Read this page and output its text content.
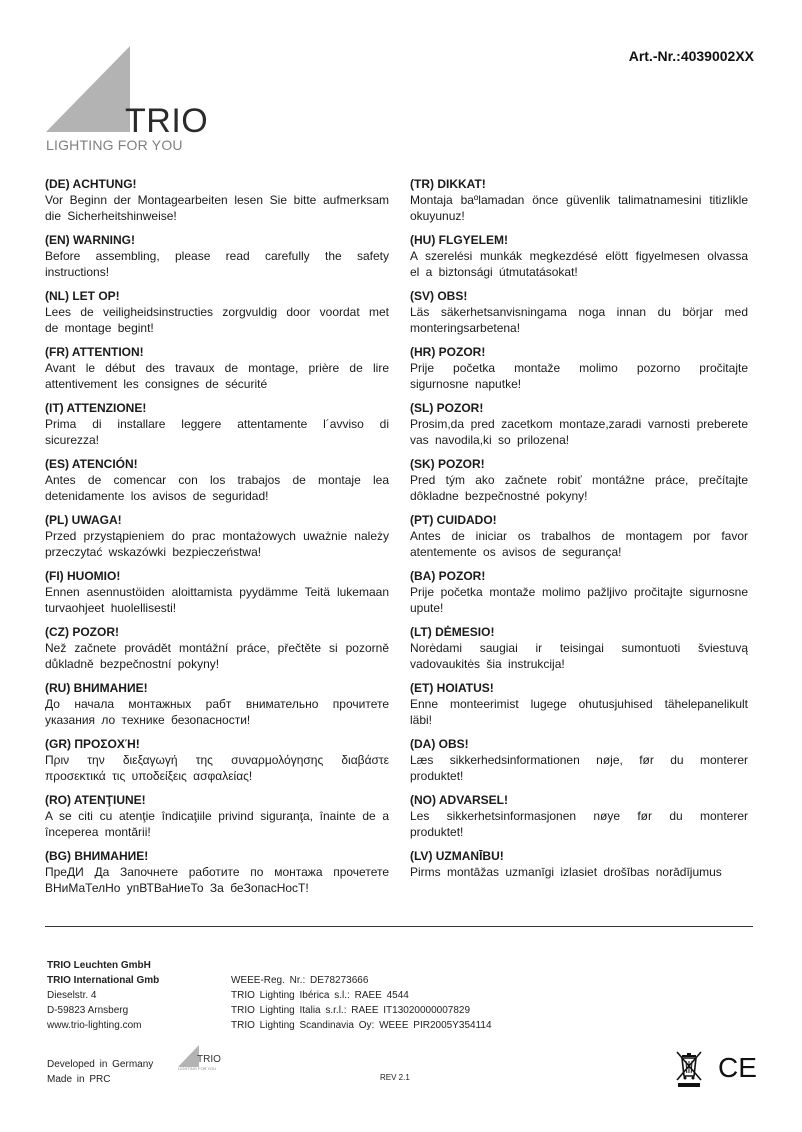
Art.-Nr.:4039002XX
TRIO
LIGHTING FOR YOU
(DE) ACHTUNG!
Vor Beginn der Montagearbeiten lesen Sie bitte aufmerksam die Sicherheitshinweise!
(EN) WARNING!
Before assembling, please read carefully the safety instructions!
(NL) LET OP!
Lees de veiligheidsinstructies zorgvuldig door voordat met de montage begint!
(FR) ATTENTION!
Avant le début des travaux de montage, prière de lire attentivement les consignes de sécurité
(IT) ATTENZIONE!
Prima di installare leggere attentamente l´avviso di sicurezza!
(ES) ATENCIÓN!
Antes de comencar con los trabajos de montaje lea detenidamente los avisos de seguridad!
(PL) UWAGA!
Przed przystąpieniem do prac montażowych uważnie należy przeczytać wskazówki bezpieczeństwa!
(FI) HUOMIO!
Ennen asennustöiden aloittamista pyydämme Teitä lukemaan turvaohjeet huolellisesti!
(CZ) POZOR!
Než začnete provádět montážní práce, přečtěte si pozorně důkladně bezpečnostní pokyny!
(RU) ВНИМАНИЕ!
До начала монтажных рабт внимательно прочитете указания ло технике безопасности!
(GR) ΠΡΟΣΟΧΉ!
Πριν την διεξαγωγή της συναρμολόγησης διαβάστε προσεκτικά τις υποδείξεις ασφαλείας!
(RO) ATENŢIUNE!
A se citi cu atenţie îndicaţiile privind siguranţa, înainte de a începerea montării!
(BG) ВНИМАНИЕ!
ПреДИ Да Започнете работите по монтажа прочетете ВНиМаТелНо упВТВаНиеТо За беЗопасНосТ!
(TR) DIKKAT!
Montaja baºlamadan önce güvenlik talimatnamesini titizlikle okuyunuz!
(HU) FLGYELEM!
A szerelési munkák megkezdésé elött figyelmesen olvassa el a biztonsági útmutatásokat!
(SV) OBS!
Läs säkerhetsanvisningama noga innan du börjar med monteringsarbetena!
(HR) POZOR!
Prije početka montaže molimo pozorno pročitajte sigurnosne naputke!
(SL) POZOR!
Prosim,da pred zacetkom montaze,zaradi varnosti preberete vas navodila,ki so prilozena!
(SK) POZOR!
Pred tým ako začnete robiť montážne práce, prečítajte dôkladne bezpečnostné pokyny!
(PT) CUIDADO!
Antes de iniciar os trabalhos de montagem por favor atentemente os avisos de segurança!
(BA) POZOR!
Prije početka montaže molimo pažljivo pročitajte sigurnosne upute!
(LT) DĖMESIO!
Norėdami saugiai ir teisingai sumontuoti šviestuvą vadovaukitės šia instrukcija!
(ET) HOIATUS!
Enne monteerimist lugege ohutusjuhised tähelepanelikult läbi!
(DA) OBS!
Læs sikkerhedsinformationen nøje, før du monterer produktet!
(NO) ADVARSEL!
Les sikkerhetsinformasjonen nøye før du monterer produktet!
(LV) UZMANĪBU!
Pirms montāžas uzmanīgi izlasiet drošības norādījumus
TRIO Leuchten GmbH
TRIO International Gmb
Dieselstr. 4
D-59823 Arnsberg
www.trio-lighting.com
WEEE-Reg. Nr.: DE78273666
TRIO Lighting Ibérica s.l.: RAEE 4544
TRIO Lighting Italia s.r.l.: RAEE IT13020000007829
TRIO Lighting Scandinavia Oy: WEEE PIR2005Y354114
Developed in Germany
Made in PRC
TRIO
LIGHTING FOR YOU
REV 2.1	CE
